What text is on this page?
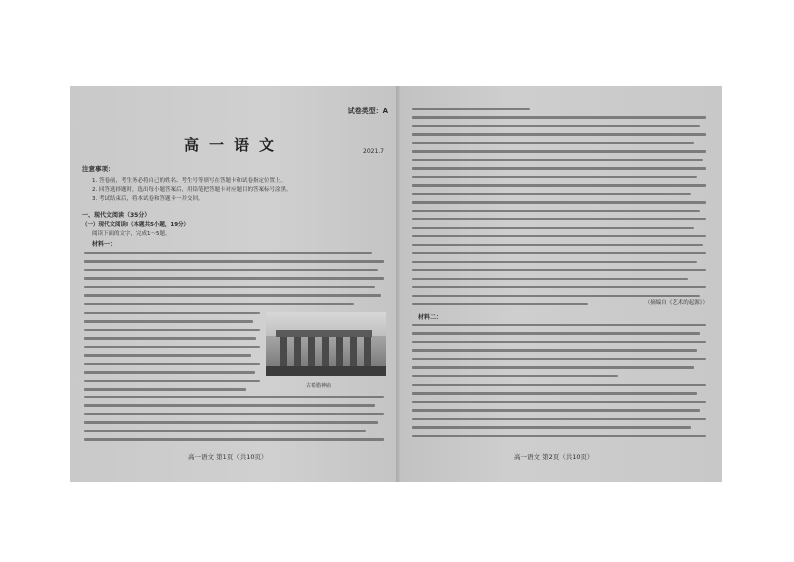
试卷类型：A
高一语文	2021.7
注意事项：
1. 答卷前，考生务必将自己的姓名、考生号等填写在答题卡和试卷指定位置上。
2. 回答选择题时，选出每小题答案后，用铅笔把答题卡对应题目的答案标号涂黑。
3. 考试结束后，将本试卷和答题卡一并交回。
一、现代文阅读（35分）
（一）现代文阅读Ⅰ（本题共5小题，19分）
阅读下面的文字，完成1～5题。
材料一：
古希腊神庙
高一语文 第1页（共10页）
（摘编自《艺术的起源》）
材料二：
高一语文 第2页（共10页）
